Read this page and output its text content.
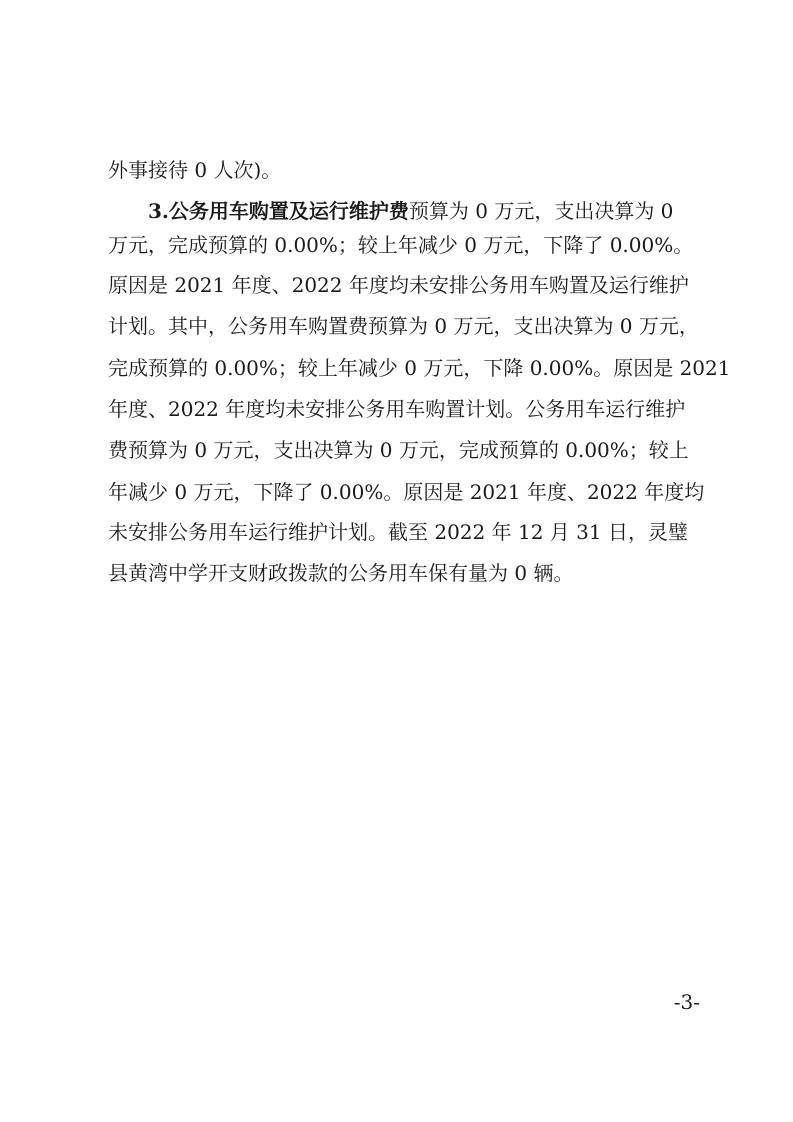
外事接待 0 人次)。
3.公务用车购置及运行维护费预算为 0 万元，支出决算为 0
万元，完成预算的 0.00%；较上年减少 0 万元，下降了 0.00%。
原因是 2021 年度、2022 年度均未安排公务用车购置及运行维护
计划。其中，公务用车购置费预算为 0 万元，支出决算为 0 万元，
完成预算的 0.00%；较上年减少 0 万元，下降 0.00%。原因是 2021
年度、2022 年度均未安排公务用车购置计划。公务用车运行维护
费预算为 0 万元，支出决算为 0 万元，完成预算的 0.00%；较上
年减少 0 万元，下降了 0.00%。原因是 2021 年度、2022 年度均
未安排公务用车运行维护计划。截至 2022 年 12 月 31 日，灵璧
县黄湾中学开支财政拨款的公务用车保有量为 0 辆。
-3-
